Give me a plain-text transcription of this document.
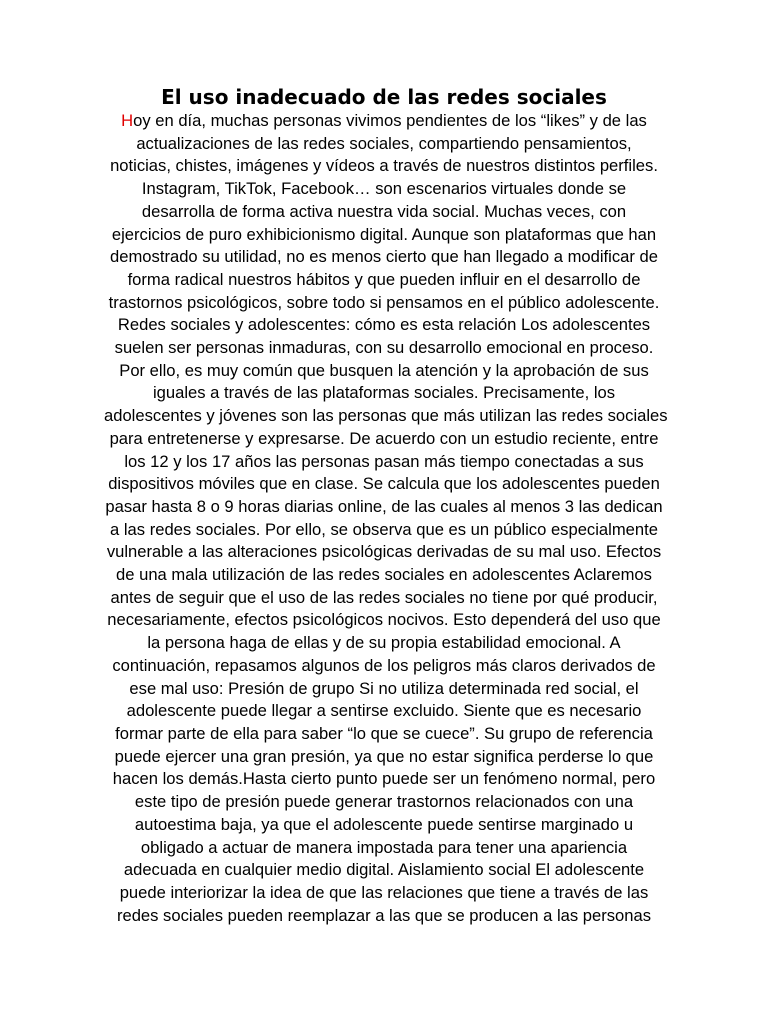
El uso inadecuado de las redes sociales
Hoy en día, muchas personas vivimos pendientes de los “likes” y de las
actualizaciones de las redes sociales, compartiendo pensamientos,
noticias, chistes, imágenes y vídeos a través de nuestros distintos perfiles.
Instagram, TikTok, Facebook… son escenarios virtuales donde se
desarrolla de forma activa nuestra vida social. Muchas veces, con
ejercicios de puro exhibicionismo digital. Aunque son plataformas que han
demostrado su utilidad, no es menos cierto que han llegado a modificar de
forma radical nuestros hábitos y que pueden influir en el desarrollo de
trastornos psicológicos, sobre todo si pensamos en el público adolescente.
Redes sociales y adolescentes: cómo es esta relación Los adolescentes
suelen ser personas inmaduras, con su desarrollo emocional en proceso.
Por ello, es muy común que busquen la atención y la aprobación de sus
iguales a través de las plataformas sociales. Precisamente, los
adolescentes y jóvenes son las personas que más utilizan las redes sociales
para entretenerse y expresarse. De acuerdo con un estudio reciente, entre
los 12 y los 17 años las personas pasan más tiempo conectadas a sus
dispositivos móviles que en clase. Se calcula que los adolescentes pueden
pasar hasta 8 o 9 horas diarias online, de las cuales al menos 3 las dedican
a las redes sociales. Por ello, se observa que es un público especialmente
vulnerable a las alteraciones psicológicas derivadas de su mal uso. Efectos
de una mala utilización de las redes sociales en adolescentes Aclaremos
antes de seguir que el uso de las redes sociales no tiene por qué producir,
necesariamente, efectos psicológicos nocivos. Esto dependerá del uso que
la persona haga de ellas y de su propia estabilidad emocional. A
continuación, repasamos algunos de los peligros más claros derivados de
ese mal uso: Presión de grupo Si no utiliza determinada red social, el
adolescente puede llegar a sentirse excluido. Siente que es necesario
formar parte de ella para saber “lo que se cuece”. Su grupo de referencia
puede ejercer una gran presión, ya que no estar significa perderse lo que
hacen los demás.Hasta cierto punto puede ser un fenómeno normal, pero
este tipo de presión puede generar trastornos relacionados con una
autoestima baja, ya que el adolescente puede sentirse marginado u
obligado a actuar de manera impostada para tener una apariencia
adecuada en cualquier medio digital. Aislamiento social El adolescente
puede interiorizar la idea de que las relaciones que tiene a través de las
redes sociales pueden reemplazar a las que se producen a las personas
